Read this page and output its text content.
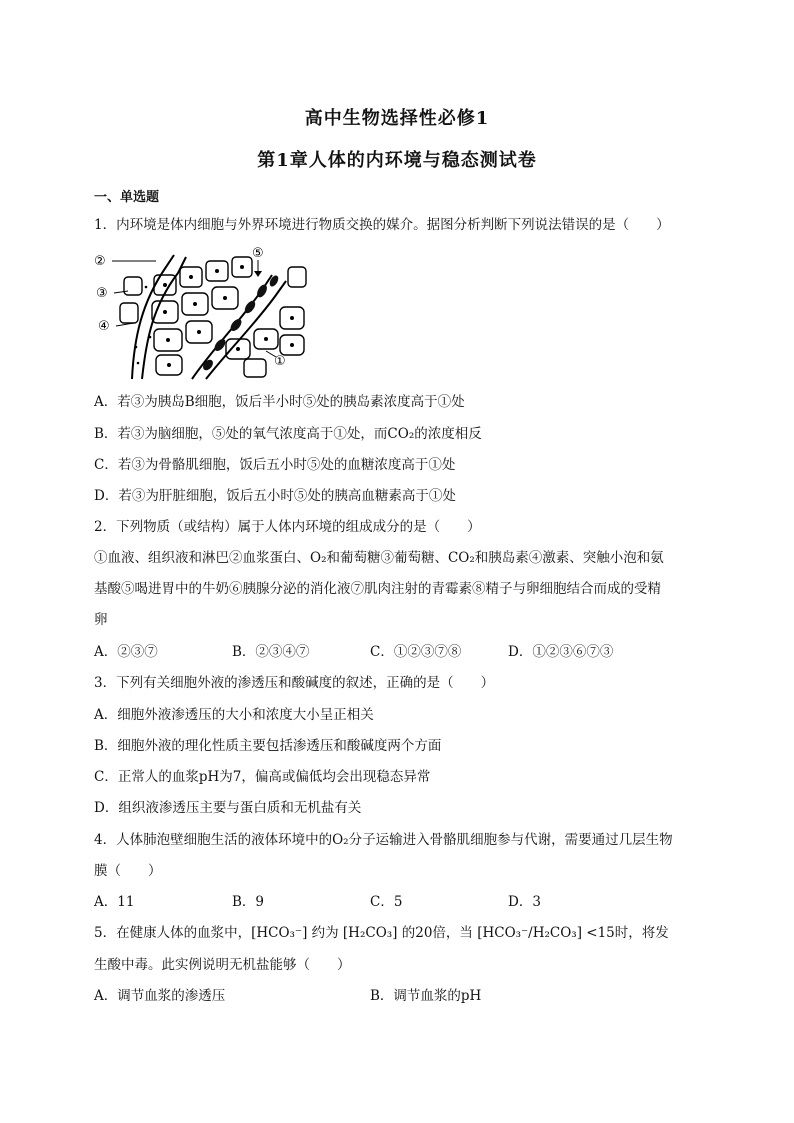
高中生物选择性必修1
第1章人体的内环境与稳态测试卷
一、单选题
1．内环境是体内细胞与外界环境进行物质交换的媒介。据图分析判断下列说法错误的是（　　）
②
③
④
⑤
①
A．若③为胰岛B细胞，饭后半小时⑤处的胰岛素浓度高于①处
B．若③为脑细胞，⑤处的氧气浓度高于①处，而CO₂的浓度相反
C．若③为骨骼肌细胞，饭后五小时⑤处的血糖浓度高于①处
D．若③为肝脏细胞，饭后五小时⑤处的胰高血糖素高于①处
2．下列物质（或结构）属于人体内环境的组成成分的是（　　）
①血液、组织液和淋巴②血浆蛋白、O₂和葡萄糖③葡萄糖、CO₂和胰岛素④激素、突触小泡和氨
基酸⑤喝进胃中的牛奶⑥胰腺分泌的消化液⑦肌肉注射的青霉素⑧精子与卵细胞结合而成的受精
卵
A．②③⑦	B．②③④⑦	C．①②③⑦⑧	D．①②③⑥⑦③
3．下列有关细胞外液的渗透压和酸碱度的叙述，正确的是（　　）
A．细胞外液渗透压的大小和浓度大小呈正相关
B．细胞外液的理化性质主要包括渗透压和酸碱度两个方面
C．正常人的血浆pH为7，偏高或偏低均会出现稳态异常
D．组织液渗透压主要与蛋白质和无机盐有关
4．人体肺泡壁细胞生活的液体环境中的O₂分子运输进入骨骼肌细胞参与代谢，需要通过几层生物
膜（　　）
A．11	B．9	C．5	D．3
5．在健康人体的血浆中，[HCO₃⁻] 约为 [H₂CO₃] 的20倍，当 [HCO₃⁻/H₂CO₃] <15时，将发
生酸中毒。此实例说明无机盐能够（　　）
A．调节血浆的渗透压	B．调节血浆的pH
